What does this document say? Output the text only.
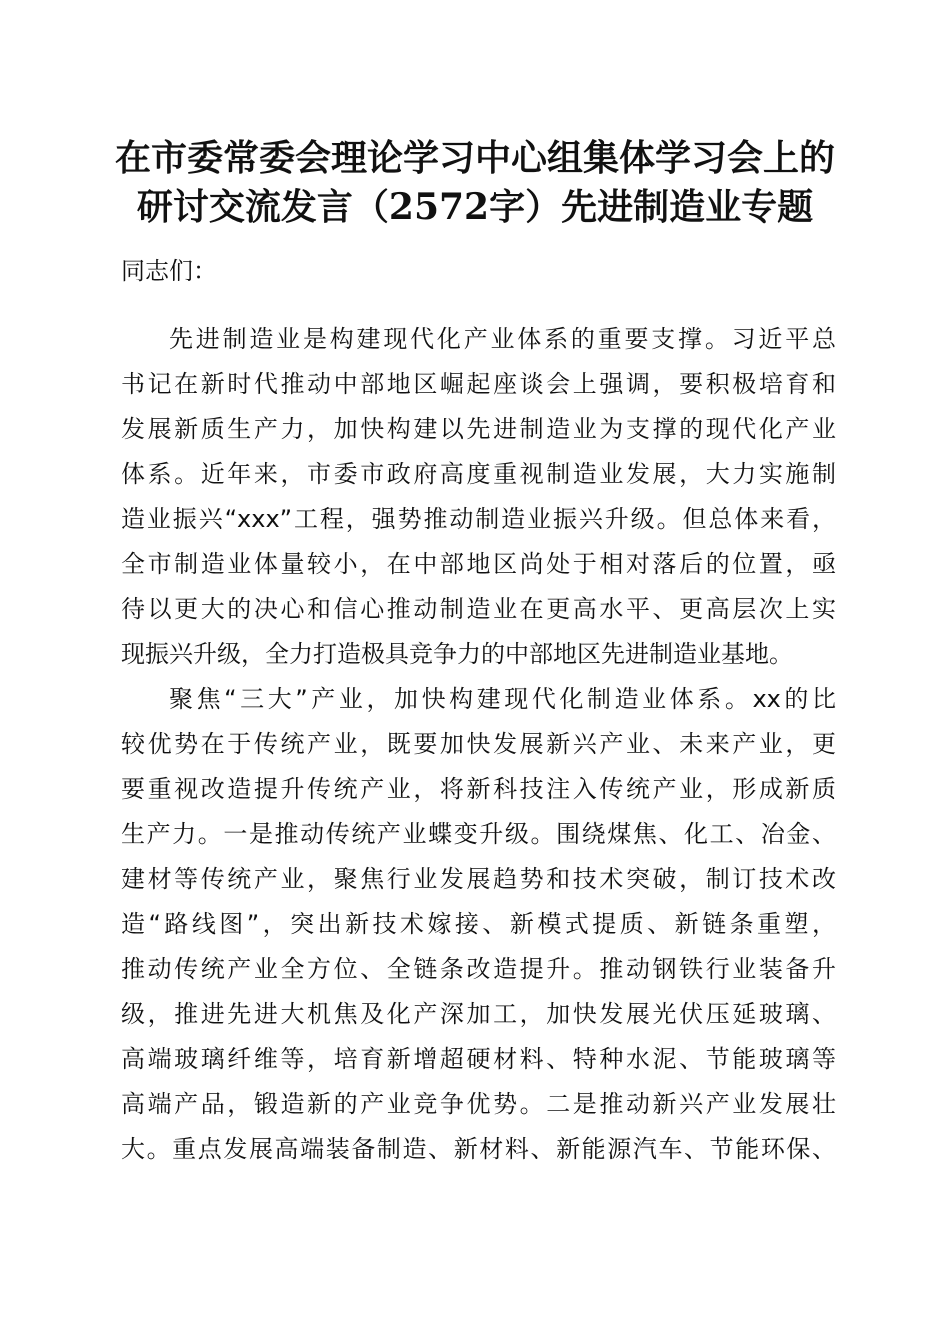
在市委常委会理论学习中心组集体学习会上的
研讨交流发言（2572字）先进制造业专题
同志们：
先进制造业是构建现代化产业体系的重要支撑。习近平总
书记在新时代推动中部地区崛起座谈会上强调，要积极培育和
发展新质生产力，加快构建以先进制造业为支撑的现代化产业
体系。近年来，市委市政府高度重视制造业发展，大力实施制
造业振兴“xxx”工程，强势推动制造业振兴升级。但总体来看，
全市制造业体量较小，在中部地区尚处于相对落后的位置，亟
待以更大的决心和信心推动制造业在更高水平、更高层次上实
现振兴升级，全力打造极具竞争力的中部地区先进制造业基地。
聚焦“三大”产业，加快构建现代化制造业体系。xx的比
较优势在于传统产业，既要加快发展新兴产业、未来产业，更
要重视改造提升传统产业，将新科技注入传统产业，形成新质
生产力。一是推动传统产业蝶变升级。围绕煤焦、化工、冶金、
建材等传统产业，聚焦行业发展趋势和技术突破，制订技术改
造“路线图”，突出新技术嫁接、新模式提质、新链条重塑，
推动传统产业全方位、全链条改造提升。推动钢铁行业装备升
级，推进先进大机焦及化产深加工，加快发展光伏压延玻璃、
高端玻璃纤维等，培育新增超硬材料、特种水泥、节能玻璃等
高端产品，锻造新的产业竞争优势。二是推动新兴产业发展壮
大。重点发展高端装备制造、新材料、新能源汽车、节能环保、
